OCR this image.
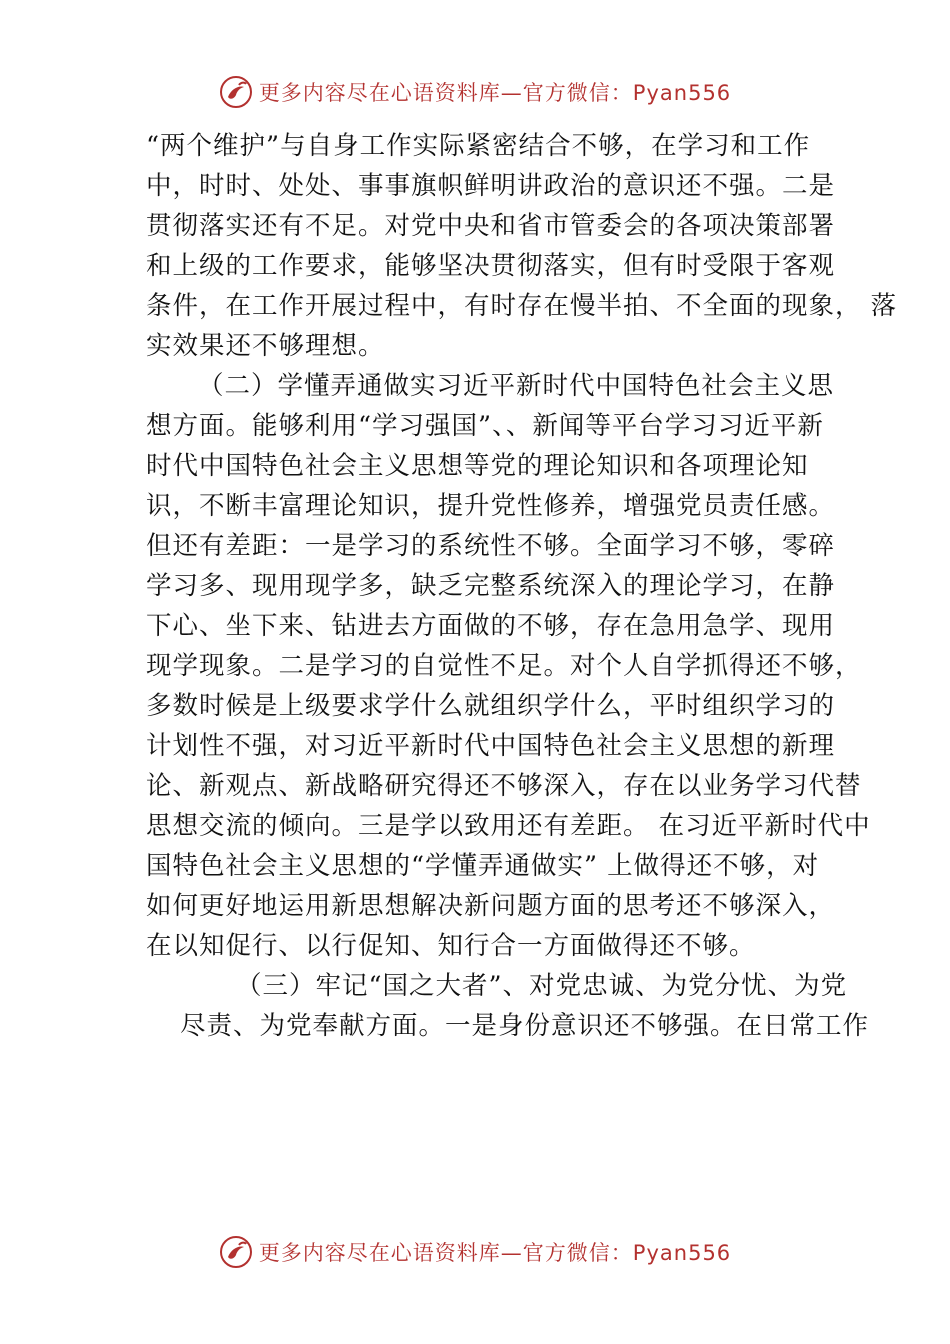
更多内容尽在心语资料库—官方微信：Pyan556
“两个维护”与自身工作实际紧密结合不够，在学习和工作
中，时时、处处、事事旗帜鲜明讲政治的意识还不强。二是
贯彻落实还有不足。对党中央和省市管委会的各项决策部署
和上级的工作要求，能够坚决贯彻落实，但有时受限于客观
条件，在工作开展过程中，有时存在慢半拍、不全面的现象， 落
实效果还不够理想。
（二）学懂弄通做实习近平新时代中国特色社会主义思
想方面。能够利用“学习强国”、、新闻等平台学习习近平新
时代中国特色社会主义思想等党的理论知识和各项理论知
识，不断丰富理论知识，提升党性修养，增强党员责任感。
但还有差距：一是学习的系统性不够。全面学习不够，零碎
学习多、现用现学多，缺乏完整系统深入的理论学习，在静
下心、坐下来、钻进去方面做的不够，存在急用急学、现用
现学现象。二是学习的自觉性不足。对个人自学抓得还不够，
多数时候是上级要求学什么就组织学什么，平时组织学习的
计划性不强，对习近平新时代中国特色社会主义思想的新理
论、新观点、新战略研究得还不够深入，存在以业务学习代替
思想交流的倾向。三是学以致用还有差距。 在习近平新时代中
国特色社会主义思想的“学懂弄通做实” 上做得还不够，对
如何更好地运用新思想解决新问题方面的思考还不够深入，
在以知促行、以行促知、知行合一方面做得还不够。
（三）牢记“国之大者”、对党忠诚、为党分忧、为党
尽责、为党奉献方面。一是身份意识还不够强。在日常工作
更多内容尽在心语资料库—官方微信：Pyan556
